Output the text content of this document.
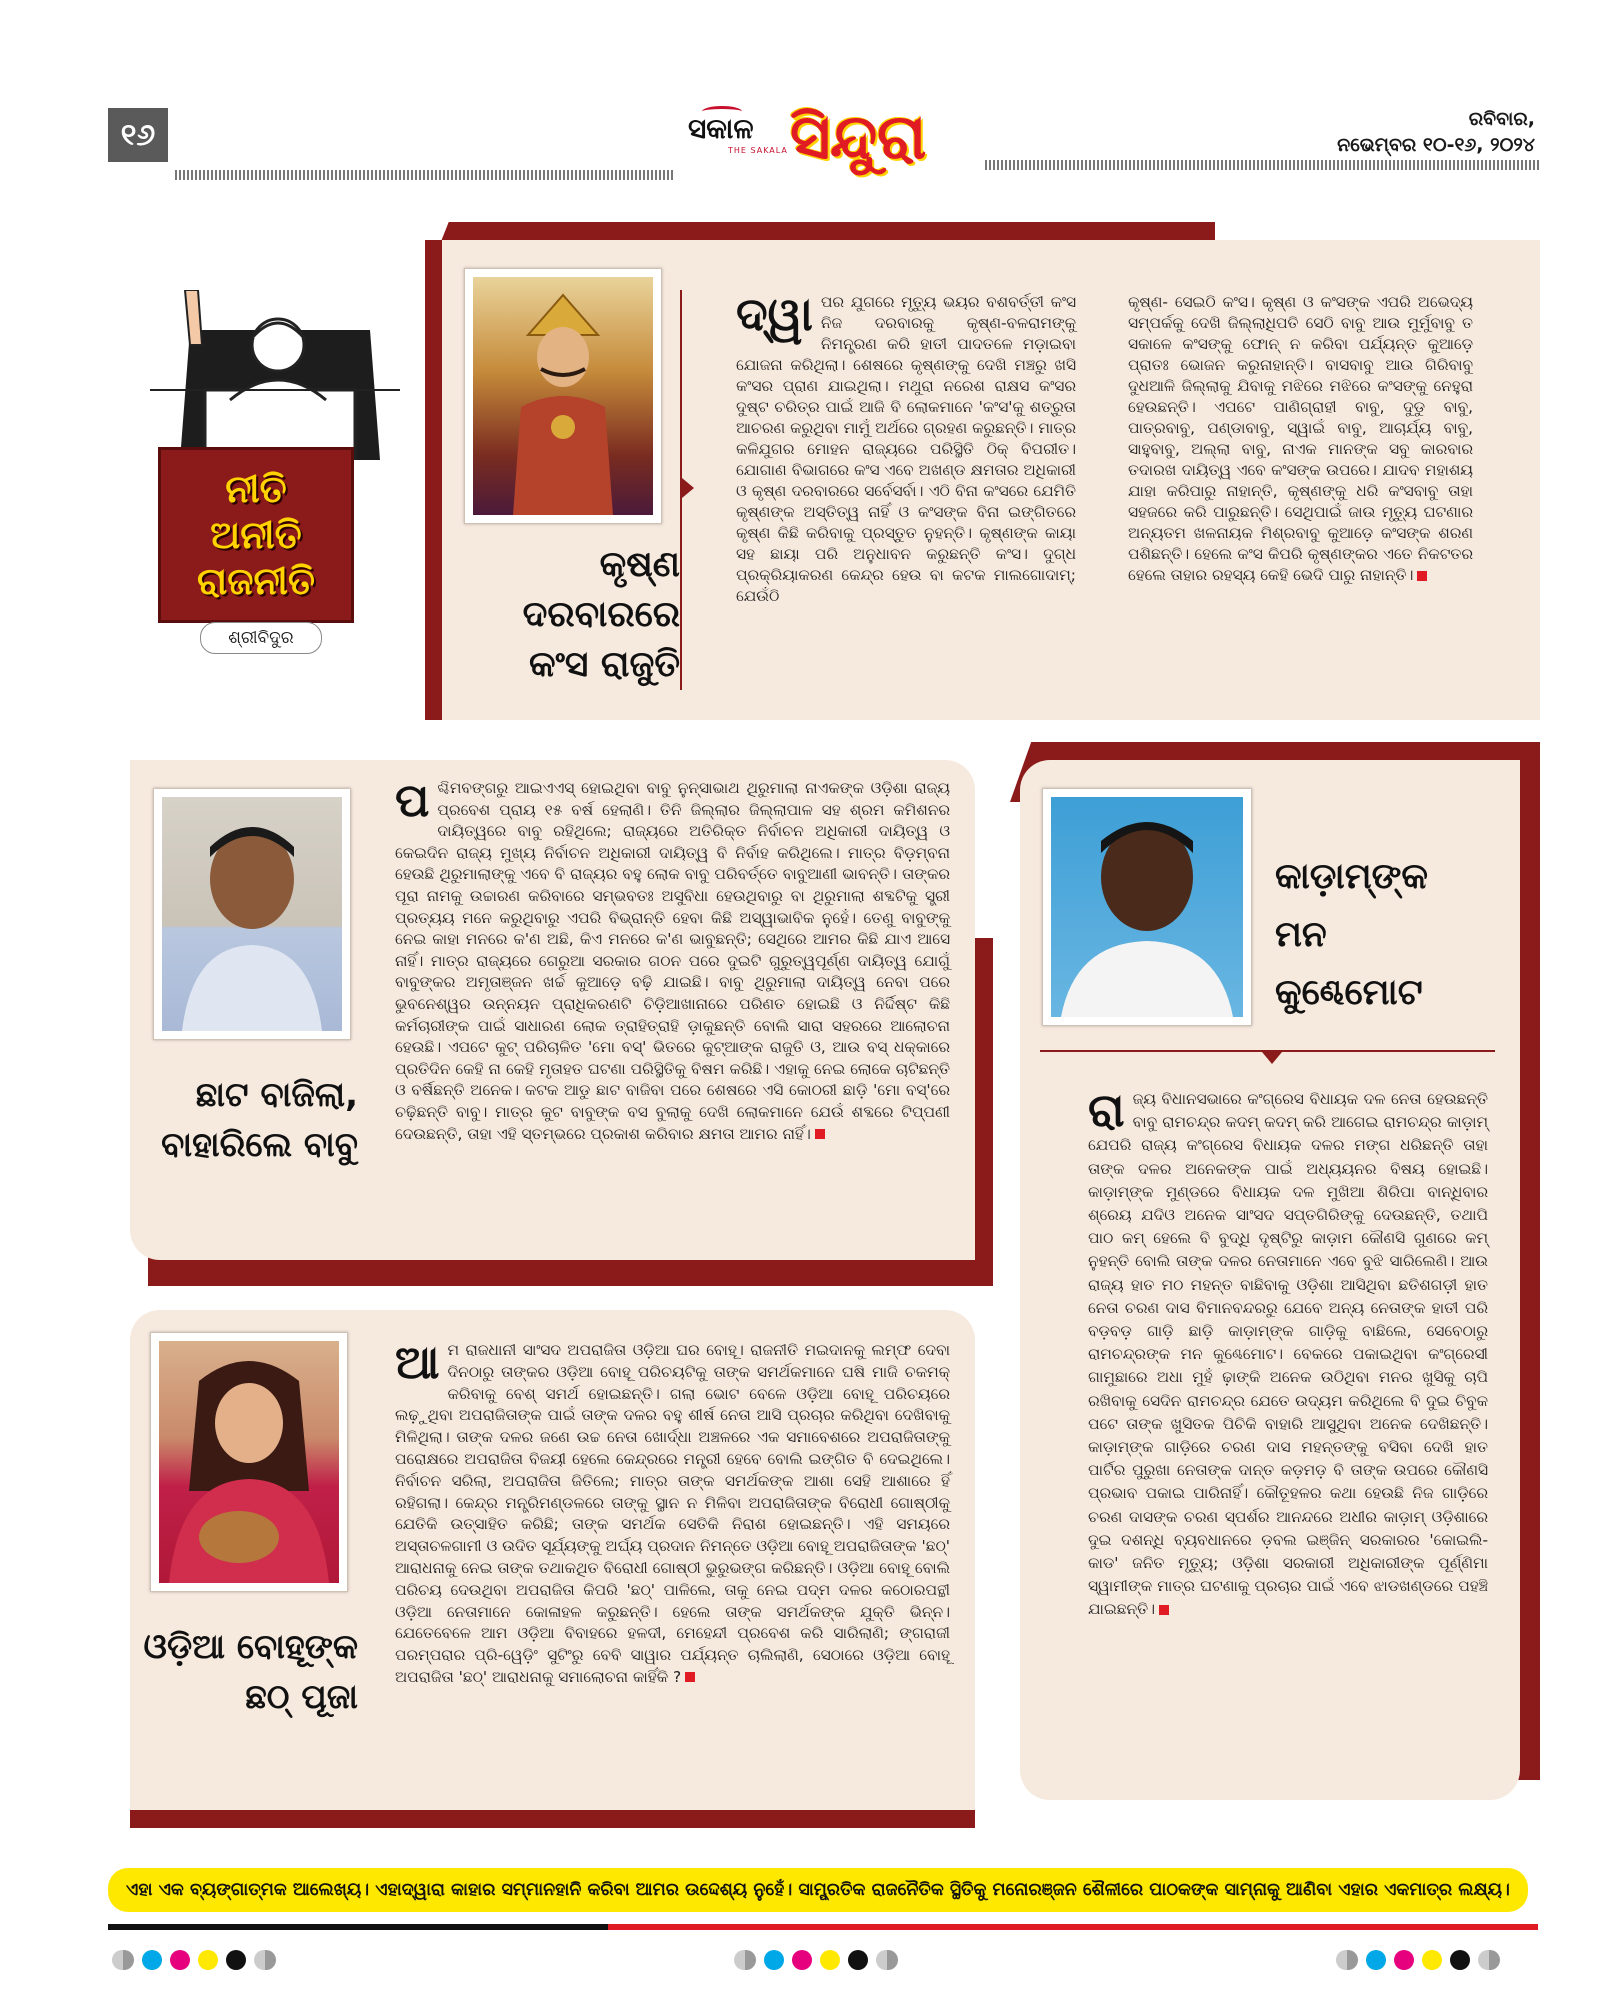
୧୬	ସକାଳ
THE SAKALA ସିନ୍ଦୁରା	ରବିବାର,
ନଭେମ୍ବର ୧୦-୧୬, ୨୦୨୪
ନୀତି
ଅନୀତି
ରାଜନୀତି
ଶ୍ରୀବିଦୁର
କୃଷ୍ଣ
ଦରବାରରେ
କଂସ ରାଜୁତି
ଦ୍ୱା ପର ଯୁଗରେ ମୃତ୍ୟୁ ଭୟର ବଶବର୍ତ୍ତୀ କଂସ ନିଜ ଦରବାରକୁ କୃଷ୍ଣ-ବଳରାମଙ୍କୁ ନିମନ୍ତ୍ରଣ କରି ହାତୀ ପାଦତଳେ ମଡ଼ାଇବା ଯୋଜନା କରିଥିଲା। ଶେଷରେ କୃଷ୍ଣଙ୍କୁ ଦେଖି ମଞ୍ଚରୁ ଖସି କଂସର ପ୍ରାଣ ଯାଇଥିଲା। ମଥୁରା ନରେଶ ରାକ୍ଷସ କଂସର ଦୁଷ୍ଟ ଚରିତ୍ର ପାଇଁ ଆଜି ବି ଲୋକମାନେ 'କଂସ'କୁ ଶତ୍ରୁତା ଆଚରଣ କରୁଥିବା ମାମୁଁ ଅର୍ଥରେ ଗ୍ରହଣ କରୁଛନ୍ତି। ମାତ୍ର କଳିଯୁଗର ମୋହନ ରାଜ୍ୟରେ ପରିସ୍ଥିତି ଠିକ୍ ବିପରୀତ। ଯୋଗାଣ ବିଭାଗରେ କଂସ ଏବେ ଅଖଣ୍ଡ କ୍ଷମତାର ଅଧିକାରୀ ଓ କୃଷ୍ଣ ଦରବାରରେ ସର୍ବେସର୍ବା। ଏଠି ବିନା କଂସରେ ଯେମିତି କୃଷ୍ଣଙ୍କ ଅସ୍ତିତ୍ୱ ନାହିଁ ଓ କଂସଙ୍କ ବିନା ଇଙ୍ଗିତରେ କୃଷ୍ଣ କିଛି କରିବାକୁ ପ୍ରସ୍ତୁତ ନୁହନ୍ତି। କୃଷ୍ଣଙ୍କ କାୟା ସହ ଛାୟା ପରି ଅନୁଧାବନ କରୁଛନ୍ତି କଂସ। ଦୁଗ୍ଧ ପ୍ରକ୍ରିୟାକରଣ କେନ୍ଦ୍ର ହେଉ ବା କଟକ ମାଲଗୋଦାମ୍; ଯେଉଁଠି
କୃଷ୍ଣ- ସେଇଠି କଂସ। କୃଷ୍ଣ ଓ କଂସଙ୍କ ଏପରି ଅଭେଦ୍ୟ ସମ୍ପର୍କକୁ ଦେଖି ଜିଲ୍ଲାଧିପତି ସେଠି ବାବୁ ଆଉ ମୁର୍ମୁବାବୁ ତ ସକାଳେ କଂସଙ୍କୁ ଫୋନ୍ ନ କରିବା ପର୍ଯ୍ୟନ୍ତ କୁଆଡ଼େ ପ୍ରାତଃ ଭୋଜନ କରୁନାହାନ୍ତି। ବାସବାବୁ ଆଉ ଗିରିବାବୁ ଦୁଧଆଳି ଜିଲ୍ଲାକୁ ଯିବାକୁ ମଝିରେ ମଝିରେ କଂସଙ୍କୁ ନେହୁରା ହେଉଛନ୍ତି। ଏପଟେ ପାଣିଗ୍ରାହୀ ବାବୁ, ଦୁଡୁ ବାବୁ, ପାତ୍ରବାବୁ, ପଣ୍ଡାବାବୁ, ସ୍ୱାଇଁ ବାବୁ, ଆଚାର୍ଯ୍ୟ ବାବୁ, ସାହୁବାବୁ, ଅଲ୍ଲା ବାବୁ, ନାଏକ ମାନଙ୍କ ସବୁ କାରବାର ତଦାରଖ ଦାୟିତ୍ୱ ଏବେ କଂସଙ୍କ ଉପରେ। ଯାଦବ ମହାଶୟ ଯାହା କରିପାରୁ ନାହାନ୍ତି, କୃଷ୍ଣଙ୍କୁ ଧରି କଂସବାବୁ ତାହା ସହଜରେ କରି ପାରୁଛନ୍ତି। ସେଥିପାଇଁ ଜାଉ ମୃତ୍ୟୁ ଘଟଣାର ଅନ୍ୟତମ ଖଳନାୟକ ମିଶ୍ରବାବୁ କୁଆଡ଼େ କଂସଙ୍କ ଶରଣ ପଶିଛନ୍ତି। ହେଲେ କଂସ କିପରି କୃଷ୍ଣଙ୍କର ଏତେ ନିକଟତର ହେଲେ ତାହାର ରହସ୍ୟ କେହି ଭେଦି ପାରୁ ନାହାନ୍ତି।
ଛାଟ ବାଜିଲା,
ବାହାରିଲେ ବାବୁ
ପଶ୍ଚିମବଙ୍ଗରୁ ଆଇଏଏସ୍ ହୋଇଥିବା ବାବୁ ନୁନ୍ସାଭାଥ ଥିରୁମାଲା ନାଏକଙ୍କ ଓଡ଼ିଶା ରାଜ୍ୟ ପ୍ରବେଶ ପ୍ରାୟ ୧୫ ବର୍ଷ ହେଲାଣି। ତିନି ଜିଲ୍ଲାର ଜିଲ୍ଲାପାଳ ସହ ଶ୍ରମ କମିଶନର ଦାୟିତ୍ୱରେ ବାବୁ ରହିଥିଲେ; ରାଜ୍ୟରେ ଅତିରିକ୍ତ ନିର୍ବାଚନ ଅଧିକାରୀ ଦାୟିତ୍ୱ ଓ କେଇଦିନ ରାଜ୍ୟ ମୁଖ୍ୟ ନିର୍ବାଚନ ଅଧିକାରୀ ଦାୟିତ୍ୱ ବି ନିର୍ବାହ କରିଥିଲେ। ମାତ୍ର ବିଡ଼ମ୍ବନା ହେଉଛି ଥିରୁମାଲାଙ୍କୁ ଏବେ ବି ରାଜ୍ୟର ବହୁ ଲୋକ ବାବୁ ପରିବର୍ତ୍ତେ ବାବୁଆଣୀ ଭାବନ୍ତି। ତାଙ୍କର ପୂରା ନାମକୁ ଉଚ୍ଚାରଣ କରିବାରେ ସମ୍ଭବତଃ ଅସୁବିଧା ହେଉଥିବାରୁ ବା ଥିରୁମାଲା ଶବ୍ଦଟିକୁ ସ୍ତ୍ରୀ ପ୍ରତ୍ୟୟ ମନେ କରୁଥିବାରୁ ଏପରି ବିଭ୍ରାନ୍ତି ହେବା କିଛି ଅସ୍ୱାଭାବିକ ନୁହେଁ। ତେଣୁ ବାବୁଙ୍କୁ ନେଇ କାହା ମନରେ କ'ଣ ଅଛି, କିଏ ମନରେ କ'ଣ ଭାବୁଛନ୍ତି; ସେଥିରେ ଆମର କିଛି ଯାଏ ଆସେ ନାହିଁ। ମାତ୍ର ରାଜ୍ୟରେ ଗେରୁଆ ସରକାର ଗଠନ ପରେ ଦୁଇଟି ଗୁରୁତ୍ୱପୂର୍ଣ୍ଣ ଦାୟିତ୍ୱ ଯୋଗୁଁ ବାବୁଙ୍କର ଅମୃତାଞ୍ଜନ ଖର୍ଚ୍ଚ କୁଆଡ଼େ ବଢ଼ି ଯାଇଛି। ବାବୁ ଥିରୁମାଲା ଦାୟିତ୍ୱ ନେବା ପରେ ଭୁବନେଶ୍ୱର ଉନ୍ନୟନ ପ୍ରାଧିକରଣଟି ଚିଡ଼ିଆଖାନାରେ ପରିଣତ ହୋଇଛି ଓ ନିର୍ଦ୍ଦିଷ୍ଟ କିଛି କର୍ମଚାରୀଙ୍କ ପାଇଁ ସାଧାରଣ ଲୋକ ତ୍ରାହିତ୍ରାହି ଡ଼ାକୁଛନ୍ତି ବୋଲି ସାରା ସହରରେ ଆଲୋଚନା ହେଉଛି। ଏପଟେ କୁଟ୍ ପରିଚାଳିତ 'ମୋ ବସ୍' ଭିତରେ କୁଟ୍ଆଙ୍କ ରାଜୁତି ଓ, ଆଉ ବସ୍ ଧକ୍କାରେ ପ୍ରତିଦିନ କେହି ନା କେହି ମୃତାହତ ଘଟଣା ପରିସ୍ଥିତିକୁ ବିଷମ କରିଛି। ଏହାକୁ ନେଇ ଲୋକେ ଚାଟିଛନ୍ତି ଓ ବର୍ଷିଛନ୍ତି ଅନେକ। କଟକ ଆଡୁ ଛାଟ ବାଜିବା ପରେ ଶେଷରେ ଏସି କୋଠରୀ ଛାଡ଼ି 'ମୋ ବସ୍'ରେ ଚଢ଼ିଛନ୍ତି ବାବୁ। ମାତ୍ର କୁଟ ବାବୁଙ୍କ ବସ ବୁଲାକୁ ଦେଖି ଲୋକମାନେ ଯେଉଁ ଶବ୍ଦରେ ଟିପ୍ପଣୀ ଦେଉଛନ୍ତି, ତାହା ଏହି ସ୍ତମ୍ଭରେ ପ୍ରକାଶ କରିବାର କ୍ଷମତା ଆମର ନାହିଁ।
କାଡ଼ାମ୍‌ଙ୍କ
ମନ
କୁଣ୍ଢେମୋଟ
ରାଜ୍ୟ ବିଧାନସଭାରେ କଂଗ୍ରେସ ବିଧାୟକ ଦଳ ନେତା ହେଉଛନ୍ତି ବାବୁ ରାମଚନ୍ଦ୍ର କଦମ୍ କଦମ୍ କରି ଆଗେଇ ରାମଚନ୍ଦ୍ର କାଡ଼ାମ୍ ଯେପରି ରାଜ୍ୟ କଂଗ୍ରେସ ବିଧାୟକ ଦଳର ମଙ୍ଗ ଧରିଛନ୍ତି ତାହା ତାଙ୍କ ଦଳର ଅନେକଙ୍କ ପାଇଁ ଅଧ୍ୟୟନର ବିଷୟ ହୋଇଛି। କାଡ଼ାମ୍‌ଙ୍କ ମୁଣ୍ଡରେ ବିଧାୟକ ଦଳ ମୁଖିଆ ଶିରିପା ବାନ୍ଧିବାର ଶ୍ରେୟ ଯଦିଓ ଅନେକ ସାଂସଦ ସପ୍ତଗିରିଙ୍କୁ ଦେଉଛନ୍ତି, ତଥାପି ପାଠ କମ୍ ହେଲେ ବି ବୁଦ୍ଧି ଦୃଷ୍ଟିରୁ କାଡ଼ାମ କୌଣସି ଗୁଣରେ କମ୍ ନୁହନ୍ତି ବୋଲି ତାଙ୍କ ଦଳର ନେତାମାନେ ଏବେ ବୁଝି ସାରିଲେଣି। ଆଉ ରାଜ୍ୟ ହାତ ମଠ ମହନ୍ତ ବାଛିବାକୁ ଓଡ଼ିଶା ଆସିଥିବା ଛତିଶଗଡ଼ୀ ହାତ ନେତା ଚରଣ ଦାସ ବିମାନବନ୍ଦରରୁ ଯେବେ ଅନ୍ୟ ନେତାଙ୍କ ହାତୀ ପରି ବଡ଼ବଡ଼ ଗାଡ଼ି ଛାଡ଼ି କାଡ଼ାମ୍‌ଙ୍କ ଗାଡ଼ିକୁ ବାଛିଲେ, ସେବେଠାରୁ ରାମଚନ୍ଦ୍ରଙ୍କ ମନ କୁଣ୍ଢେମୋଟ। ବେକରେ ପକାଇଥିବା କଂଗ୍ରେସୀ ଗାମୁଛାରେ ଅଧା ମୁହଁ ଢ଼ାଙ୍କି ଅନେକ ଉଠିଥିବା ମନର ଖୁସିକୁ ଚାପି ରଖିବାକୁ ସେଦିନ ରାମଚନ୍ଦ୍ର ଯେତେ ଉଦ୍ୟମ କରିଥିଲେ ବି ଦୁଇ ଚିବୁକ ପଟେ ତାଙ୍କ ଖୁସିତକ ପିଚିକି ବାହାରି ଆସୁଥିବା ଅନେକ ଦେଖିଛନ୍ତି। କାଡ଼ାମ୍‌ଙ୍କ ଗାଡ଼ିରେ ଚରଣ ଦାସ ମହନ୍ତଙ୍କୁ ବସିବା ଦେଖି ହାତ ପାର୍ଟିର ପୁରୁଖା ନେତାଙ୍କ ଦାନ୍ତ କଡ଼ମଡ଼ ବି ତାଙ୍କ ଉପରେ କୌଣସି ପ୍ରଭାବ ପକାଇ ପାରିନାହିଁ। କୌତୂହଳର କଥା ହେଉଛି ନିଜ ଗାଡ଼ିରେ ଚରଣ ଦାସଙ୍କ ଚରଣ ସ୍ପର୍ଶର ଆନନ୍ଦରେ ଅଧୀର କାଡ଼ାମ୍ ଓଡ଼ିଶାରେ ଦୁଇ ଦଶନ୍ଧି ବ୍ୟବଧାନରେ ଡ଼ବଲ ଇଞ୍ଜିନ୍ ସରକାରର 'କୋଇଲି-କାଡ' ଜନିତ ମୃତ୍ୟୁ; ଓଡ଼ିଶା ସରକାରୀ ଅଧିକାରୀଙ୍କ ପୂର୍ଣ୍ଣିମା ସ୍ୱାମୀଙ୍କ ମାତ୍ର ଘଟଣାକୁ ପ୍ରଚାର ପାଇଁ ଏବେ ଝାଡଖଣ୍ଡରେ ପହଞ୍ଚି ଯାଇଛନ୍ତି।
ଓଡ଼ିଆ ବୋହୂଙ୍କ
ଛଠ୍ ପୂଜା
ଆମ ରାଜଧାନୀ ସାଂସଦ ଅପରାଜିତା ଓଡ଼ିଆ ଘର ବୋହୂ। ରାଜନୀତି ମଇଦାନକୁ ଲମ୍ଫ ଦେବା ଦିନଠାରୁ ତାଙ୍କର ଓଡ଼ିଆ ବୋହୂ ପରିଚୟଟିକୁ ତାଙ୍କ ସମର୍ଥକମାନେ ଘଷି ମାଜି ଚକମକ୍ କରିବାକୁ ବେଶ୍ ସମର୍ଥ ହୋଇଛନ୍ତି। ଗଲା ଭୋଟ ବେଳେ ଓଡ଼ିଆ ବୋହୂ ପରିଚୟରେ ଲଢ଼ୁଥିବା ଅପରାଜିତାଙ୍କ ପାଇଁ ତାଙ୍କ ଦଳର ବହୁ ଶୀର୍ଷ ନେତା ଆସି ପ୍ରଚାର କରିଥିବା ଦେଖିବାକୁ ମିଳିଥିଲା। ତାଙ୍କ ଦଳର ଜଣେ ଉଚ୍ଚ ନେତା ଖୋର୍ଦ୍ଧା ଅଞ୍ଚଳରେ ଏକ ସମାବେଶରେ ଅପରାଜିତାଙ୍କୁ ପରୋକ୍ଷରେ ଅପରାଜିତା ବିଜୟୀ ହେଲେ କେନ୍ଦ୍ରରେ ମନ୍ତ୍ରୀ ହେବେ ବୋଲି ଇଙ୍ଗିତ ବି ଦେଇଥିଲେ। ନିର୍ବାଚନ ସରିଲା, ଅପରାଜିତା ଜିତିଲେ; ମାତ୍ର ତାଙ୍କ ସମର୍ଥକଙ୍କ ଆଶା ସେହି ଆଶାରେ ହିଁ ରହିଗଲା। କେନ୍ଦ୍ର ମନ୍ତ୍ରିମଣ୍ଡଳରେ ତାଙ୍କୁ ସ୍ଥାନ ନ ମିଳିବା ଅପରାଜିତାଙ୍କ ବିରୋଧୀ ଗୋଷ୍ଠୀକୁ ଯେତିକି ଉତ୍ସାହିତ କରିଛି; ତାଙ୍କ ସମର୍ଥକ ସେତିକି ନିରାଶ ହୋଇଛନ୍ତି। ଏହି ସମୟରେ ଅସ୍ତାଚଳଗାମୀ ଓ ଉଦିତ ସୂର୍ଯ୍ୟଙ୍କୁ ଅର୍ଘ୍ୟ ପ୍ରଦାନ ନିମନ୍ତେ ଓଡ଼ିଆ ବୋହୂ ଅପରାଜିତାଙ୍କ 'ଛଠ୍' ଆରାଧନାକୁ ନେଇ ତାଙ୍କ ତଥାକଥିତ ବିରୋଧୀ ଗୋଷ୍ଠୀ ଭୁରୁଭଙ୍ଗ କରିଛନ୍ତି। ଓଡ଼ିଆ ବୋହୂ ବୋଲି ପରିଚୟ ଦେଉଥିବା ଅପରାଜିତା କିପରି 'ଛଠ୍' ପାଳିଲେ, ତାକୁ ନେଇ ପଦ୍ମ ଦଳର କଠୋରପନ୍ଥୀ ଓଡ଼ିଆ ନେତାମାନେ କୋଳାହଳ କରୁଛନ୍ତି। ହେଲେ ତାଙ୍କ ସମର୍ଥକଙ୍କ ଯୁକ୍ତି ଭିନ୍ନ। ଯେତେବେଳେ ଆମ ଓଡ଼ିଆ ବିବାହରେ ହଳଦୀ, ମେହେନ୍ଦୀ ପ୍ରବେଶ କରି ସାରିଲାଣି; ଙ୍ଗରାଜୀ ପରମ୍ପରାର ପ୍ରି-ୱେଡ଼ିଂ ସୁଟିଂରୁ ବେବି ସାୱାର ପର୍ଯ୍ୟନ୍ତ ଚାଲିଲାଣି, ସେଠାରେ ଓଡ଼ିଆ ବୋହୂ ଅପରାଜିତା 'ଛଠ୍' ଆରାଧନାକୁ ସମାଲୋଚନା କାହିଁକି ?
ଏହା ଏକ ବ୍ୟଙ୍ଗାତ୍ମକ ଆଲେଖ୍ୟ। ଏହାଦ୍ୱାରା କାହାର ସମ୍ମାନହାନି କରିବା ଆମର ଉଦ୍ଦେଶ୍ୟ ନୁହେଁ। ସାମ୍ପ୍ରତିକ ରାଜନୈତିକ ସ୍ଥିତିକୁ ମନୋରଞ୍ଜନ ଶୈଳୀରେ ପାଠକଙ୍କ ସାମ୍ନାକୁ ଆଣିବା ଏହାର ଏକମାତ୍ର ଲକ୍ଷ୍ୟ।
